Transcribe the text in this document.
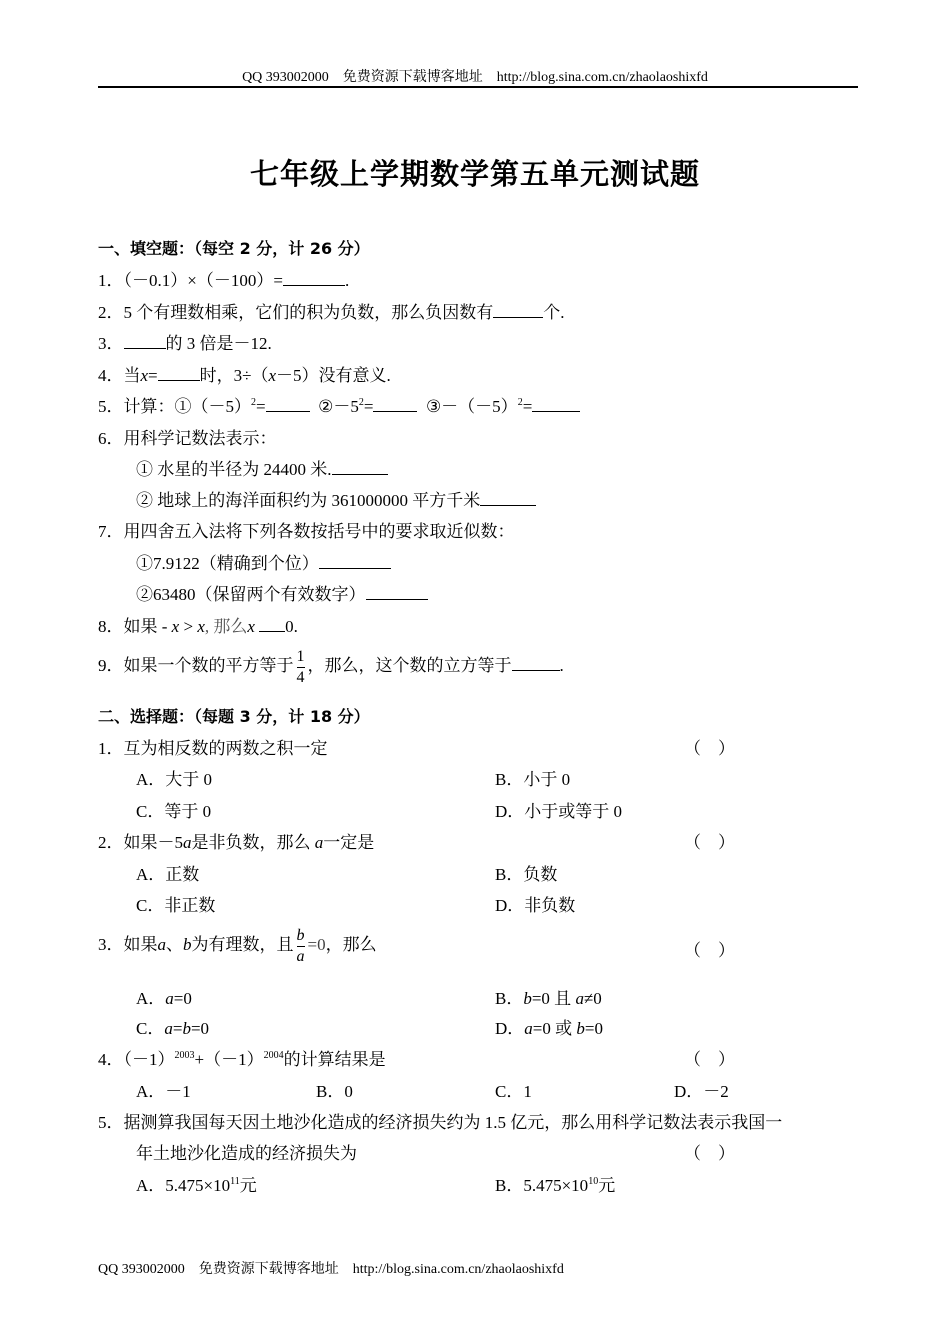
QQ 393002000　免费资源下载博客地址　http://blog.sina.com.cn/zhaolaoshixfd
七年级上学期数学第五单元测试题
一、填空题：（每空 2 分，计 26 分）
1．（－0.1）×（－100）=	.
2．5 个有理数相乘，它们的积为负数，那么负因数有	个.
3． 的 3 倍是－12.
4．当x= 时，3÷（x－5）没有意义.
5．计算：$①(-5)^2=$	$②-5^2=$	$③-(-5)^2=$
6．用科学记数法表示：
① 水星的半径为 24400 米.
② 地球上的海洋面积约为 361000000 平方千米
7．用四舍五入法将下列各数按括号中的要求取近似数：
①7.9122（精确到个位）
②63480（保留两个有效数字）
8．如果 - x > x, 那么x 0.
9．如果一个数的平方等于 $\frac{1}{4}$ ，那么，这个数的立方等于	.
二、选择题：（每题 3 分，计 18 分）
1．互为相反数的两数之积一定	（　）
A．大于 0	B．小于 0
C．等于 0	D．小于或等于 0
2．如果－5a是非负数，那么 a一定是	（　）
A．正数	B．负数
C．非正数	D．非负数
3．如果a、b为有理数，且 $\frac{b}{a} =0$，那么	（　）
A．a=0	B．b=0 且 a≠0
C．a=b=0	D．a=0 或 b=0
4．$(-1)^{2003}+(-1)^{2004}$的计算结果是	（　）
A．－1	B．0	C．1	D．－2
5．据测算我国每天因土地沙化造成的经济损失约为 1.5 亿元，那么用科学记数法表示我国一
年土地沙化造成的经济损失为	（　）
A．$5.475\times 10^{11}$元	B．$5.475\times 10^{10}$元
QQ 393002000　免费资源下载博客地址　http://blog.sina.com.cn/zhaolaoshixfd
